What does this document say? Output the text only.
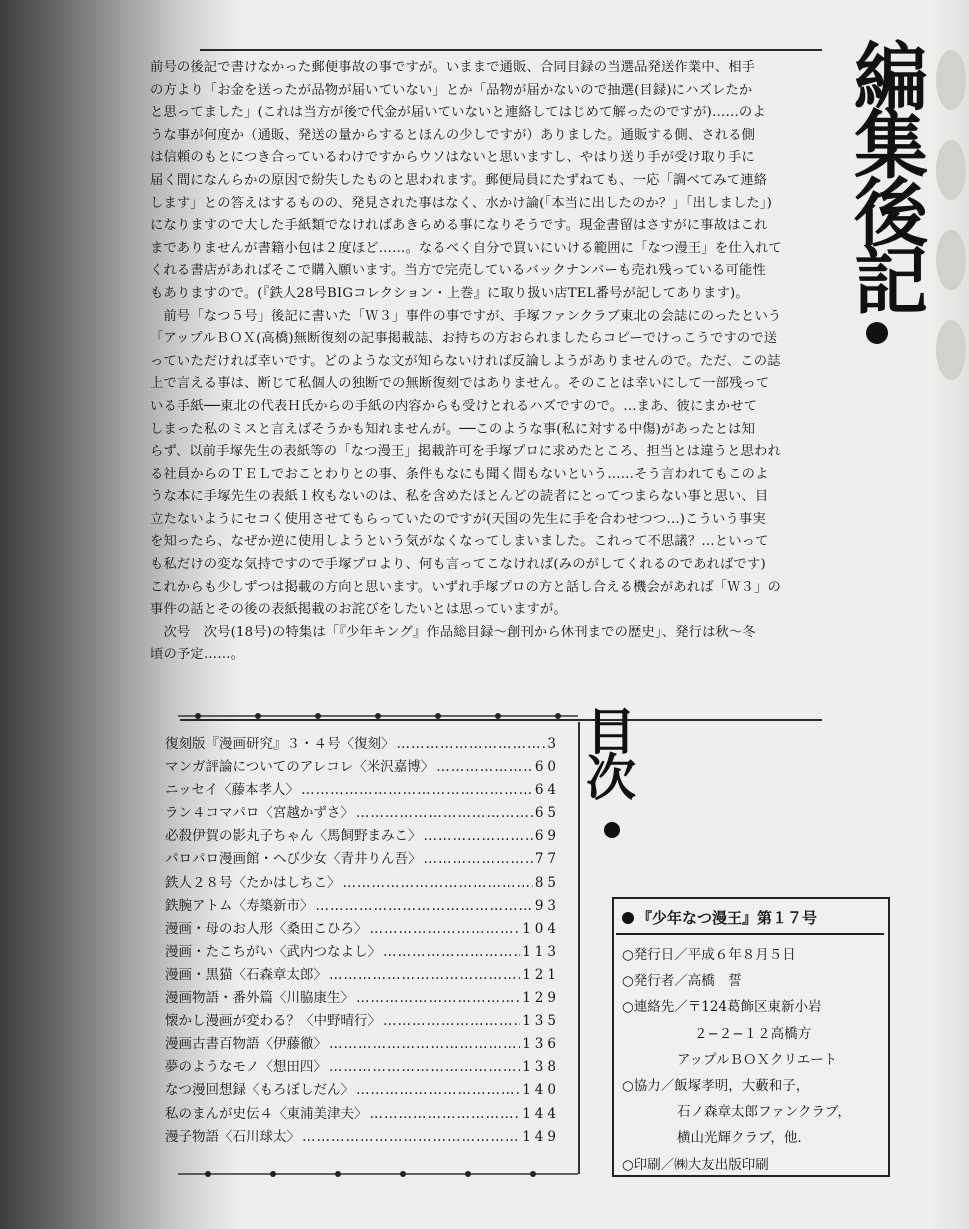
前号の後記で書けなかった郵便事故の事ですが。いままで通販、合同目録の当選品発送作業中、相手

の方より「お金を送ったが品物が届いていない」とか「品物が届かないので抽選(目録)にハズレたか

と思ってました」(これは当方が後で代金が届いていないと連絡してはじめて解ったのですが)……のよ

うな事が何度か（通販、発送の量からするとほんの少しですが）ありました。通販する側、される側

は信頼のもとにつき合っているわけですからウソはないと思いますし、やはり送り手が受け取り手に

届く間になんらかの原因で紛失したものと思われます。郵便局員にたずねても、一応「調べてみて連絡

します」との答えはするものの、発見された事はなく、水かけ論(「本当に出したのか？」「出しました」)

になりますので大した手紙類でなければあきらめる事になりそうです。現金書留はさすがに事故はこれ

までありませんが書籍小包は２度ほど……。なるべく自分で買いにいける範囲に「なつ漫王」を仕入れて

くれる書店があればそこで購入願います。当方で完売しているバックナンバーも売れ残っている可能性

もありますので。(『鉄人28号BIGコレクション・上巻』に取り扱い店TEL番号が記してあります)。

　前号「なつ５号」後記に書いた「Ｗ３」事件の事ですが、手塚ファンクラブ東北の会誌にのったという

「アップルＢＯＸ(高橋)無断復刻の記事掲載誌、お持ちの方おられましたらコピーでけっこうですので送

っていただければ幸いです。どのような文が知らないければ反論しようがありませんので。ただ、この誌

上で言える事は、断じて私個人の独断での無断復刻ではありません。そのことは幸いにして一部残って

いる手紙──東北の代表Ｈ氏からの手紙の内容からも受けとれるハズですので。…まあ、彼にまかせて

しまった私のミスと言えばそうかも知れませんが。──このような事(私に対する中傷)があったとは知

らず、以前手塚先生の表紙等の「なつ漫王」掲載許可を手塚プロに求めたところ、担当とは違うと思われ

る社員からのＴＥＬでおことわりとの事、条件もなにも聞く間もないという……そう言われてもこのよ

うな本に手塚先生の表紙１枚もないのは、私を含めたほとんどの読者にとってつまらない事と思い、目

立たないようにセコく使用させてもらっていたのですが(天国の先生に手を合わせつつ…)こういう事実

を知ったら、なぜか逆に使用しようという気がなくなってしまいました。これって不思議？…といって

も私だけの変な気持ですので手塚プロより、何も言ってこなければ(みのがしてくれるのであればです)

これからも少しずつは掲載の方向と思います。いずれ手塚プロの方と話し合える機会があれば「Ｗ３」の

事件の話とその後の表紙掲載のお詫びをしたいとは思っていますが。

　次号　次号(18号)の特集は「『少年キング』作品総目録〜創刊から休刊までの歴史」、発行は秋〜冬

頃の予定……。

編集後記
復刻版『漫画研究』３・４号〈復刻〉 ………………………………………………………………………………	3
マンガ評論についてのアレコレ〈米沢嘉博〉 ………………………………………………………………………………	60
ニッセイ〈藤本孝人〉 ………………………………………………………………………………	64
ラン４コマパロ〈宮越かずさ〉 ………………………………………………………………………………	65
必殺伊賀の影丸子ちゃん〈馬飼野まみこ〉 ………………………………………………………………………………	69
パロパロ漫画館・へび少女〈青井りん吾〉 ………………………………………………………………………………	77
鉄人２８号〈たかはしちこ〉 ………………………………………………………………………………	85
鉄腕アトム〈寿築新市〉 ………………………………………………………………………………	93
漫画・母のお人形〈桑田こひろ〉 ………………………………………………………………………………	104
漫画・たこちがい〈武内つなよし〉 ………………………………………………………………………………	113
漫画・黒猫〈石森章太郎〉 ………………………………………………………………………………	121
漫画物語・番外篇〈川脇康生〉 ………………………………………………………………………………	129
懐かし漫画が変わる？〈中野晴行〉 ………………………………………………………………………………	135
漫画古書百物語〈伊藤徹〉 ………………………………………………………………………………	136
夢のようなモノ〈想田四〉 ………………………………………………………………………………	138
なつ漫回想録〈もろぼしだん〉 ………………………………………………………………………………	140
私のまんが史伝４〈東浦美津夫〉 ………………………………………………………………………………	144
漫子物語〈石川球太〉 ………………………………………………………………………………	149
目次
『少年なつ漫王』第１７号
○発行日／平成６年８月５日
○発行者／高橋　誓
○連絡先／〒124葛飾区東新小岩
２−２−１２高橋方
アップルＢＯＸクリエート
○協力／飯塚孝明，大藪和子，
石ノ森章太郎ファンクラブ，
横山光輝クラブ，他．
○印刷／㈱大友出版印刷
